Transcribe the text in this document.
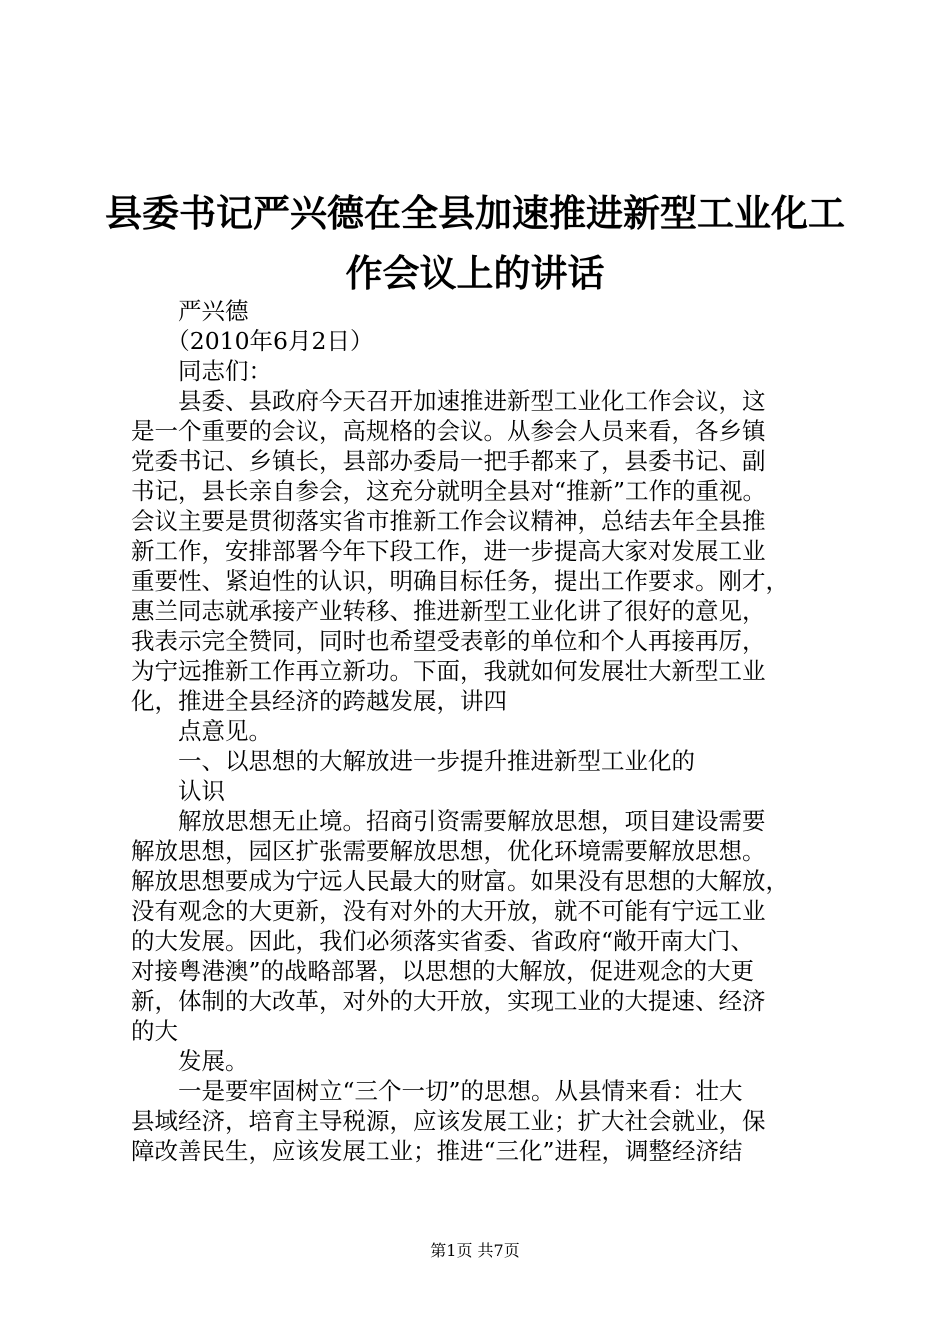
县委书记严兴德在全县加速推进新型工业化工
作会议上的讲话

　　严兴德

　　（2010年6月2日）

　　同志们：

　　县委、县政府今天召开加速推进新型工业化工作会议，这

是一个重要的会议，高规格的会议。从参会人员来看，各乡镇

党委书记、乡镇长，县部办委局一把手都来了，县委书记、副

书记，县长亲自参会，这充分就明全县对“推新”工作的重视。

会议主要是贯彻落实省市推新工作会议精神，总结去年全县推

新工作，安排部署今年下段工作，进一步提高大家对发展工业

重要性、紧迫性的认识，明确目标任务，提出工作要求。刚才，

惠兰同志就承接产业转移、推进新型工业化讲了很好的意见，

我表示完全赞同，同时也希望受表彰的单位和个人再接再厉，

为宁远推新工作再立新功。下面，我就如何发展壮大新型工业

化，推进全县经济的跨越发展，讲四

　　点意见。

　　一、以思想的大解放进一步提升推进新型工业化的

　　认识

　　解放思想无止境。招商引资需要解放思想，项目建设需要

解放思想，园区扩张需要解放思想，优化环境需要解放思想。

解放思想要成为宁远人民最大的财富。如果没有思想的大解放，

没有观念的大更新，没有对外的大开放，就不可能有宁远工业

的大发展。因此，我们必须落实省委、省政府“敞开南大门、

对接粤港澳”的战略部署，以思想的大解放，促进观念的大更

新，体制的大改革，对外的大开放，实现工业的大提速、经济

的大

　　发展。

　　一是要牢固树立“三个一切”的思想。从县情来看：壮大

县域经济，培育主导税源，应该发展工业；扩大社会就业，保

障改善民生，应该发展工业；推进“三化”进程，调整经济结

第1页 共7页
